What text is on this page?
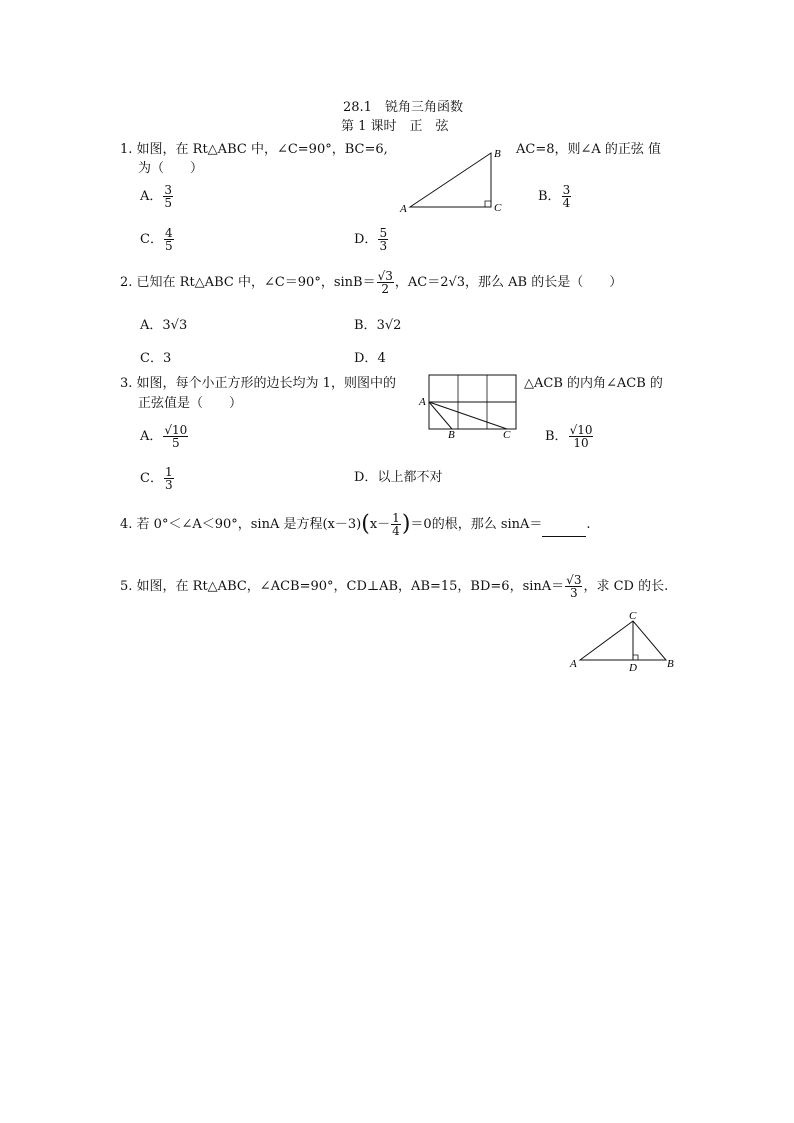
28.1　锐角三角函数
第 1 课时　正　弦
1. 如图，在 Rt△ABC 中，∠C=90°，BC=6,	AC=8，则∠A 的正弦 值
为（　　）
A
B
C
A． $\frac{3}{5}$	B． $\frac{3}{4}$
C． $\frac{4}{5}$	D． $\frac{5}{3}$
2. 已知在 Rt△ABC 中，∠C＝90°，$\sin B= \frac{√3}{2}$ ，AC＝2√3，那么 AB 的长是（　　）
A．3√3	B．3√2
C．3	D．4
3. 如图，每个小正方形的边长均为 1，则图中的	△ACB 的内角∠ACB 的
正弦值是（　　）	A
B	C
A． $\frac{√10}{5}$	B． $\frac{√10}{10}$
C． $\frac{1}{3}$	D．以上都不对
4. 若 0°＜∠A＜90°，sinA 是方程$(x-3)(x- \frac{1}{4} )=0$的根，那么 sinA＝	.
5. 如图，在 Rt△ABC，∠ACB=90°，CD⊥AB，AB=15，BD=6，$\sin A= \frac{√3}{3}$ ，求 CD 的长.
A	B
C
D
